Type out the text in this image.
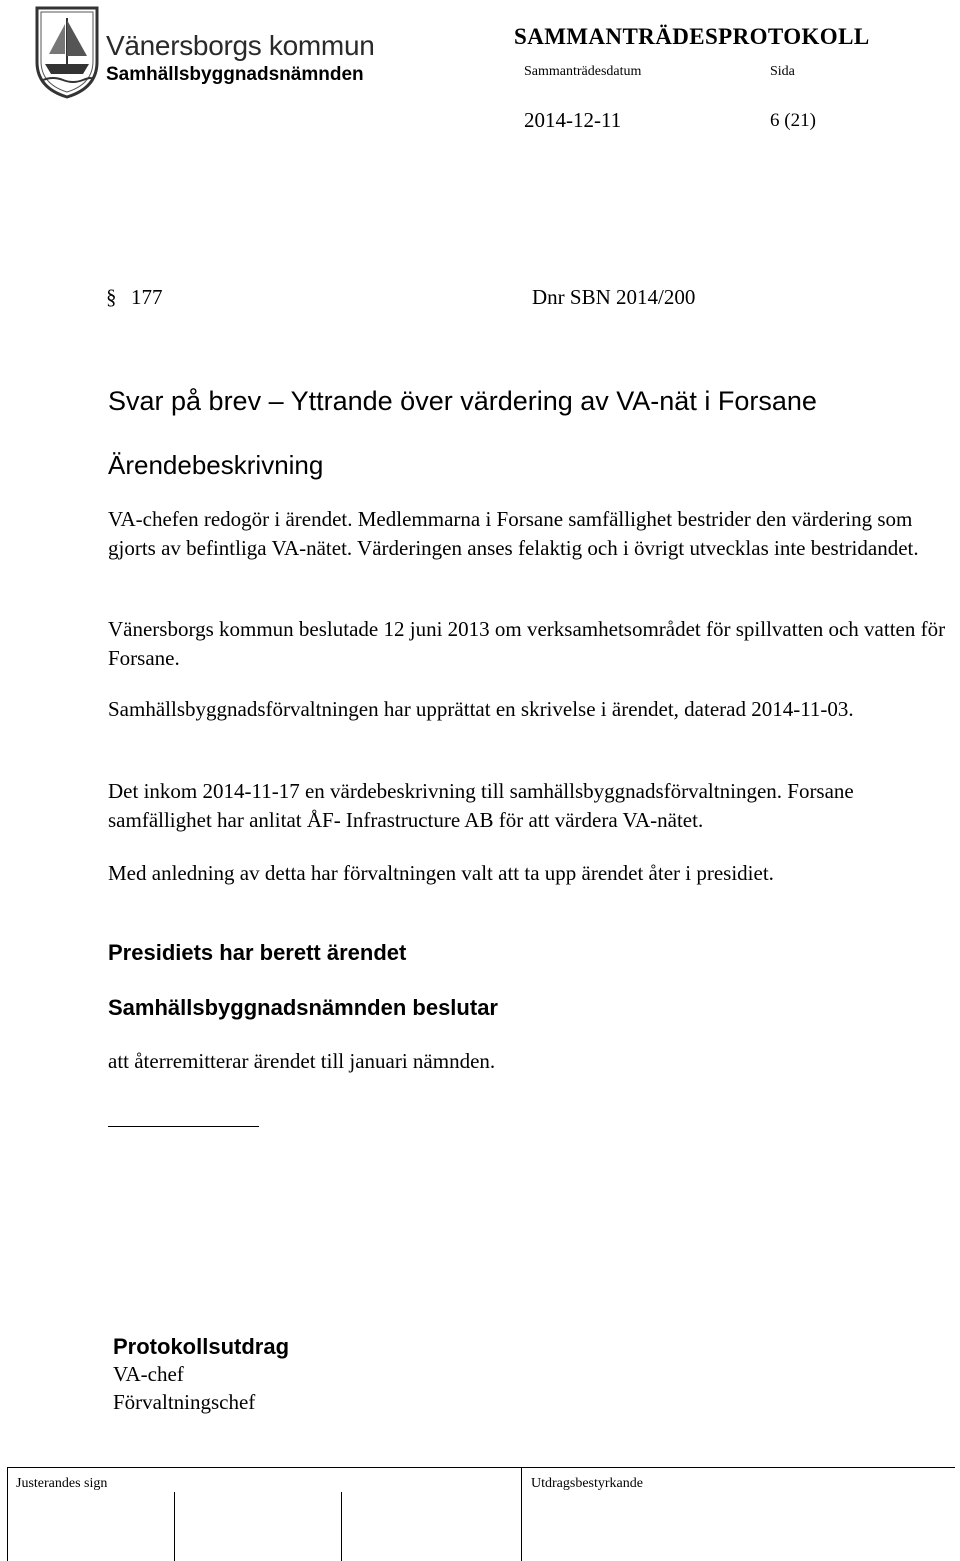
Vänersborgs kommun
Samhällsbyggnadsnämnden
SAMMANTRÄDESPROTOKOLL
Sammanträdesdatum	Sida
2014-12-11	6 (21)
§ 177	Dnr SBN 2014/200
Svar på brev – Yttrande över värdering av VA-nät i Forsane
Ärendebeskrivning

VA-chefen redogör i ärendet. Medlemmarna i Forsane samfällighet bestrider den värdering som gjorts av befintliga VA-nätet. Värderingen anses felaktig och i övrigt utvecklas inte bestridandet.

Vänersborgs kommun beslutade 12 juni 2013 om verksamhetsområdet för spillvatten och vatten för Forsane.

Samhällsbyggnadsförvaltningen har upprättat en skrivelse i ärendet, daterad 2014-11-03.

Det inkom 2014-11-17 en värdebeskrivning till samhällsbyggnadsförvaltningen. Forsane samfällighet har anlitat ÅF- Infrastructure AB för att värdera VA-nätet.

Med anledning av detta har förvaltningen valt att ta upp ärendet åter i presidiet.

Presidiets har berett ärendet
Samhällsbyggnadsnämnden beslutar
att återremitterar ärendet till januari nämnden.
Protokollsutdrag
VA-chef
Förvaltningschef
Justerandes sign	Utdragsbestyrkande
